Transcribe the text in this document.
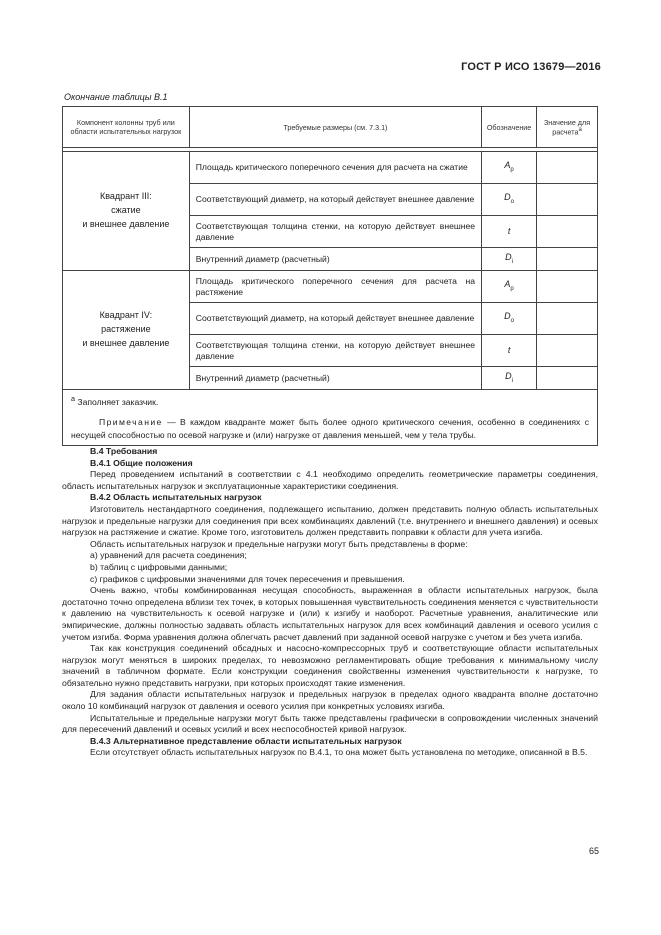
ГОСТ Р ИСО 13679—2016
Окончание таблицы В.1
Компонент колонны труб или области испытательных нагрузок	Требуемые размеры (см. 7.3.1)	Обозначение	Значение для расчета$^а$

Квадрант III:
сжатие
и внешнее давление	Площадь критического поперечного сечения для расчета на сжатие	$A_p$	
	Соответствующий диаметр, на который действует внешнее давление	$D_o$	
	Соответствующая толщина стенки, на которую действует внешнее давление	t	
	Внутренний диаметр (расчетный)	$D_i$	

Квадрант IV:
растяжение
и внешнее давление	Площадь критического поперечного сечения для расчета на растяжение	$A_p$	
	Соответствующий диаметр, на который действует внешнее давление	$D_o$	
	Соответствующая толщина стенки, на которую действует внешнее давление	t	
	Внутренний диаметр (расчетный)	$D_i$	

$^а$ Заполняет заказчик.
Примечание — В каждом квадранте может быть более одного критического сечения, особенно в соединениях с несущей способностью по осевой нагрузке и (или) нагрузке от давления меньшей, чем у тела трубы.			

В.4 Требования

В.4.1 Общие положения

Перед проведением испытаний в соответствии с 4.1 необходимо определить геометрические параметры соединения, область испытательных нагрузок и эксплуатационные характеристики соединения.

В.4.2 Область испытательных нагрузок

Изготовитель нестандартного соединения, подлежащего испытанию, должен представить полную область испытательных нагрузок и предельные нагрузки для соединения при всех комбинациях давлений (т.е. внутреннего и внешнего давления) и осевых нагрузок на растяжение и сжатие. Кроме того, изготовитель должен представить поправки к области для учета изгиба.

Область испытательных нагрузок и предельные нагрузки могут быть представлены в форме:

а) уравнений для расчета соединения;

b) таблиц с цифровыми данными;

с) графиков с цифровыми значениями для точек пересечения и превышения.

Очень важно, чтобы комбинированная несущая способность, выраженная в области испытательных нагрузок, была достаточно точно определена вблизи тех точек, в которых повышенная чувствительность соединения меняется с чувствительности к давлению на чувствительность к осевой нагрузке и (или) к изгибу и наоборот. Расчетные уравнения, аналитические или эмпирические, должны полностью задавать область испытательных нагрузок для всех комбинаций давления и осевого усилия с учетом изгиба. Форма уравнения должна облегчать расчет давлений при заданной осевой нагрузке с учетом и без учета изгиба.

Так как конструкция соединений обсадных и насосно-компрессорных труб и соответствующие области испытательных нагрузок могут меняться в широких пределах, то невозможно регламентировать общие требования к минимальному числу значений в табличном формате. Если конструкции соединения свойственны изменения чувствительности к нагрузке, то обязательно нужно представить нагрузки, при которых происходят такие изменения.

Для задания области испытательных нагрузок и предельных нагрузок в пределах одного квадранта вполне достаточно около 10 комбинаций нагрузок от давления и осевого усилия при конкретных условиях изгиба.

Испытательные и предельные нагрузки могут быть также представлены графически в сопровождении численных значений для пересечений давлений и осевых усилий и всех неспособностей кривой нагрузок.

В.4.3 Альтернативное представление области испытательных нагрузок

Если отсутствует область испытательных нагрузок по В.4.1, то она может быть установлена по методике, описанной в В.5.

65
